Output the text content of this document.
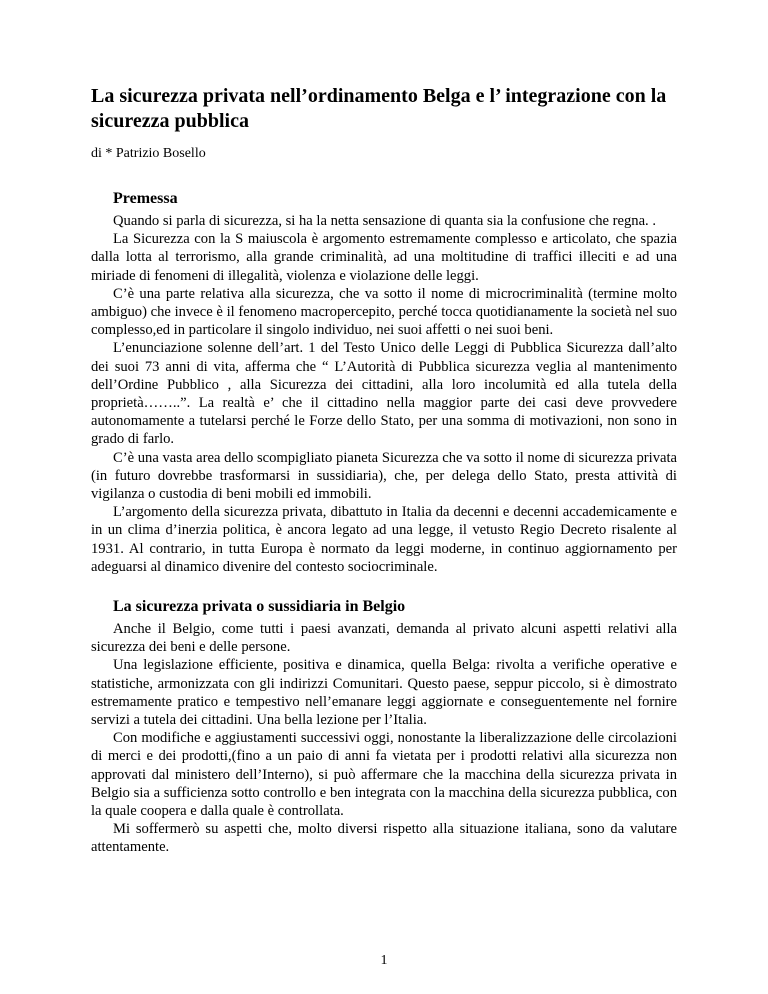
La sicurezza privata nell’ordinamento Belga e l’ integrazione con la sicurezza pubblica

di * Patrizio Bosello

Premessa

Quando si parla di sicurezza, si ha la netta sensazione di quanta sia la confusione che regna. .

La Sicurezza con la S maiuscola è argomento estremamente complesso e articolato, che spazia dalla lotta al terrorismo, alla grande criminalità, ad una moltitudine di traffici illeciti e ad una miriade di fenomeni di illegalità, violenza e violazione delle leggi.

C’è una parte relativa alla sicurezza, che va sotto il nome di microcriminalità (termine molto ambiguo) che invece è il fenomeno macropercepito, perché tocca quotidianamente la società nel suo complesso,ed in particolare il singolo individuo, nei suoi affetti o nei suoi beni.

L’enunciazione solenne dell’art. 1 del Testo Unico delle Leggi di Pubblica Sicurezza dall’alto dei suoi 73 anni di vita, afferma che “ L’Autorità di Pubblica sicurezza veglia al mantenimento dell’Ordine Pubblico , alla Sicurezza dei cittadini, alla loro incolumità ed alla tutela della proprietà……..”. La realtà e’ che il cittadino nella maggior parte dei casi deve provvedere autonomamente a tutelarsi perché le Forze dello Stato, per una somma di motivazioni, non sono in grado di farlo.

C’è una vasta area dello scompigliato pianeta Sicurezza che va sotto il nome di sicurezza privata (in futuro dovrebbe trasformarsi in sussidiaria), che, per delega dello Stato, presta attività di vigilanza o custodia di beni mobili ed immobili.

L’argomento della sicurezza privata, dibattuto in Italia da decenni e decenni accademicamente e in un clima d’inerzia politica, è ancora legato ad una legge, il vetusto Regio Decreto risalente al 1931. Al contrario, in tutta Europa è normato da leggi moderne, in continuo aggiornamento per adeguarsi al dinamico divenire del contesto sociocriminale.

La sicurezza privata o sussidiaria in Belgio

Anche il Belgio, come tutti i paesi avanzati, demanda al privato alcuni aspetti relativi alla sicurezza dei beni e delle persone.

Una legislazione efficiente, positiva e dinamica, quella Belga: rivolta a verifiche operative e statistiche, armonizzata con gli indirizzi Comunitari. Questo paese, seppur piccolo, si è dimostrato estremamente pratico e tempestivo nell’emanare leggi aggiornate e conseguentemente nel fornire servizi a tutela dei cittadini. Una bella lezione per l’Italia.

Con modifiche e aggiustamenti successivi oggi, nonostante la liberalizzazione delle circolazioni di merci e dei prodotti,(fino a un paio di anni fa vietata per i prodotti relativi alla sicurezza non approvati dal ministero dell’Interno), si può affermare che la macchina della sicurezza privata in Belgio sia a sufficienza sotto controllo e ben integrata con la macchina della sicurezza pubblica, con la quale coopera e dalla quale è controllata.

Mi soffermerò su aspetti che, molto diversi rispetto alla situazione italiana, sono da valutare attentamente.

1
